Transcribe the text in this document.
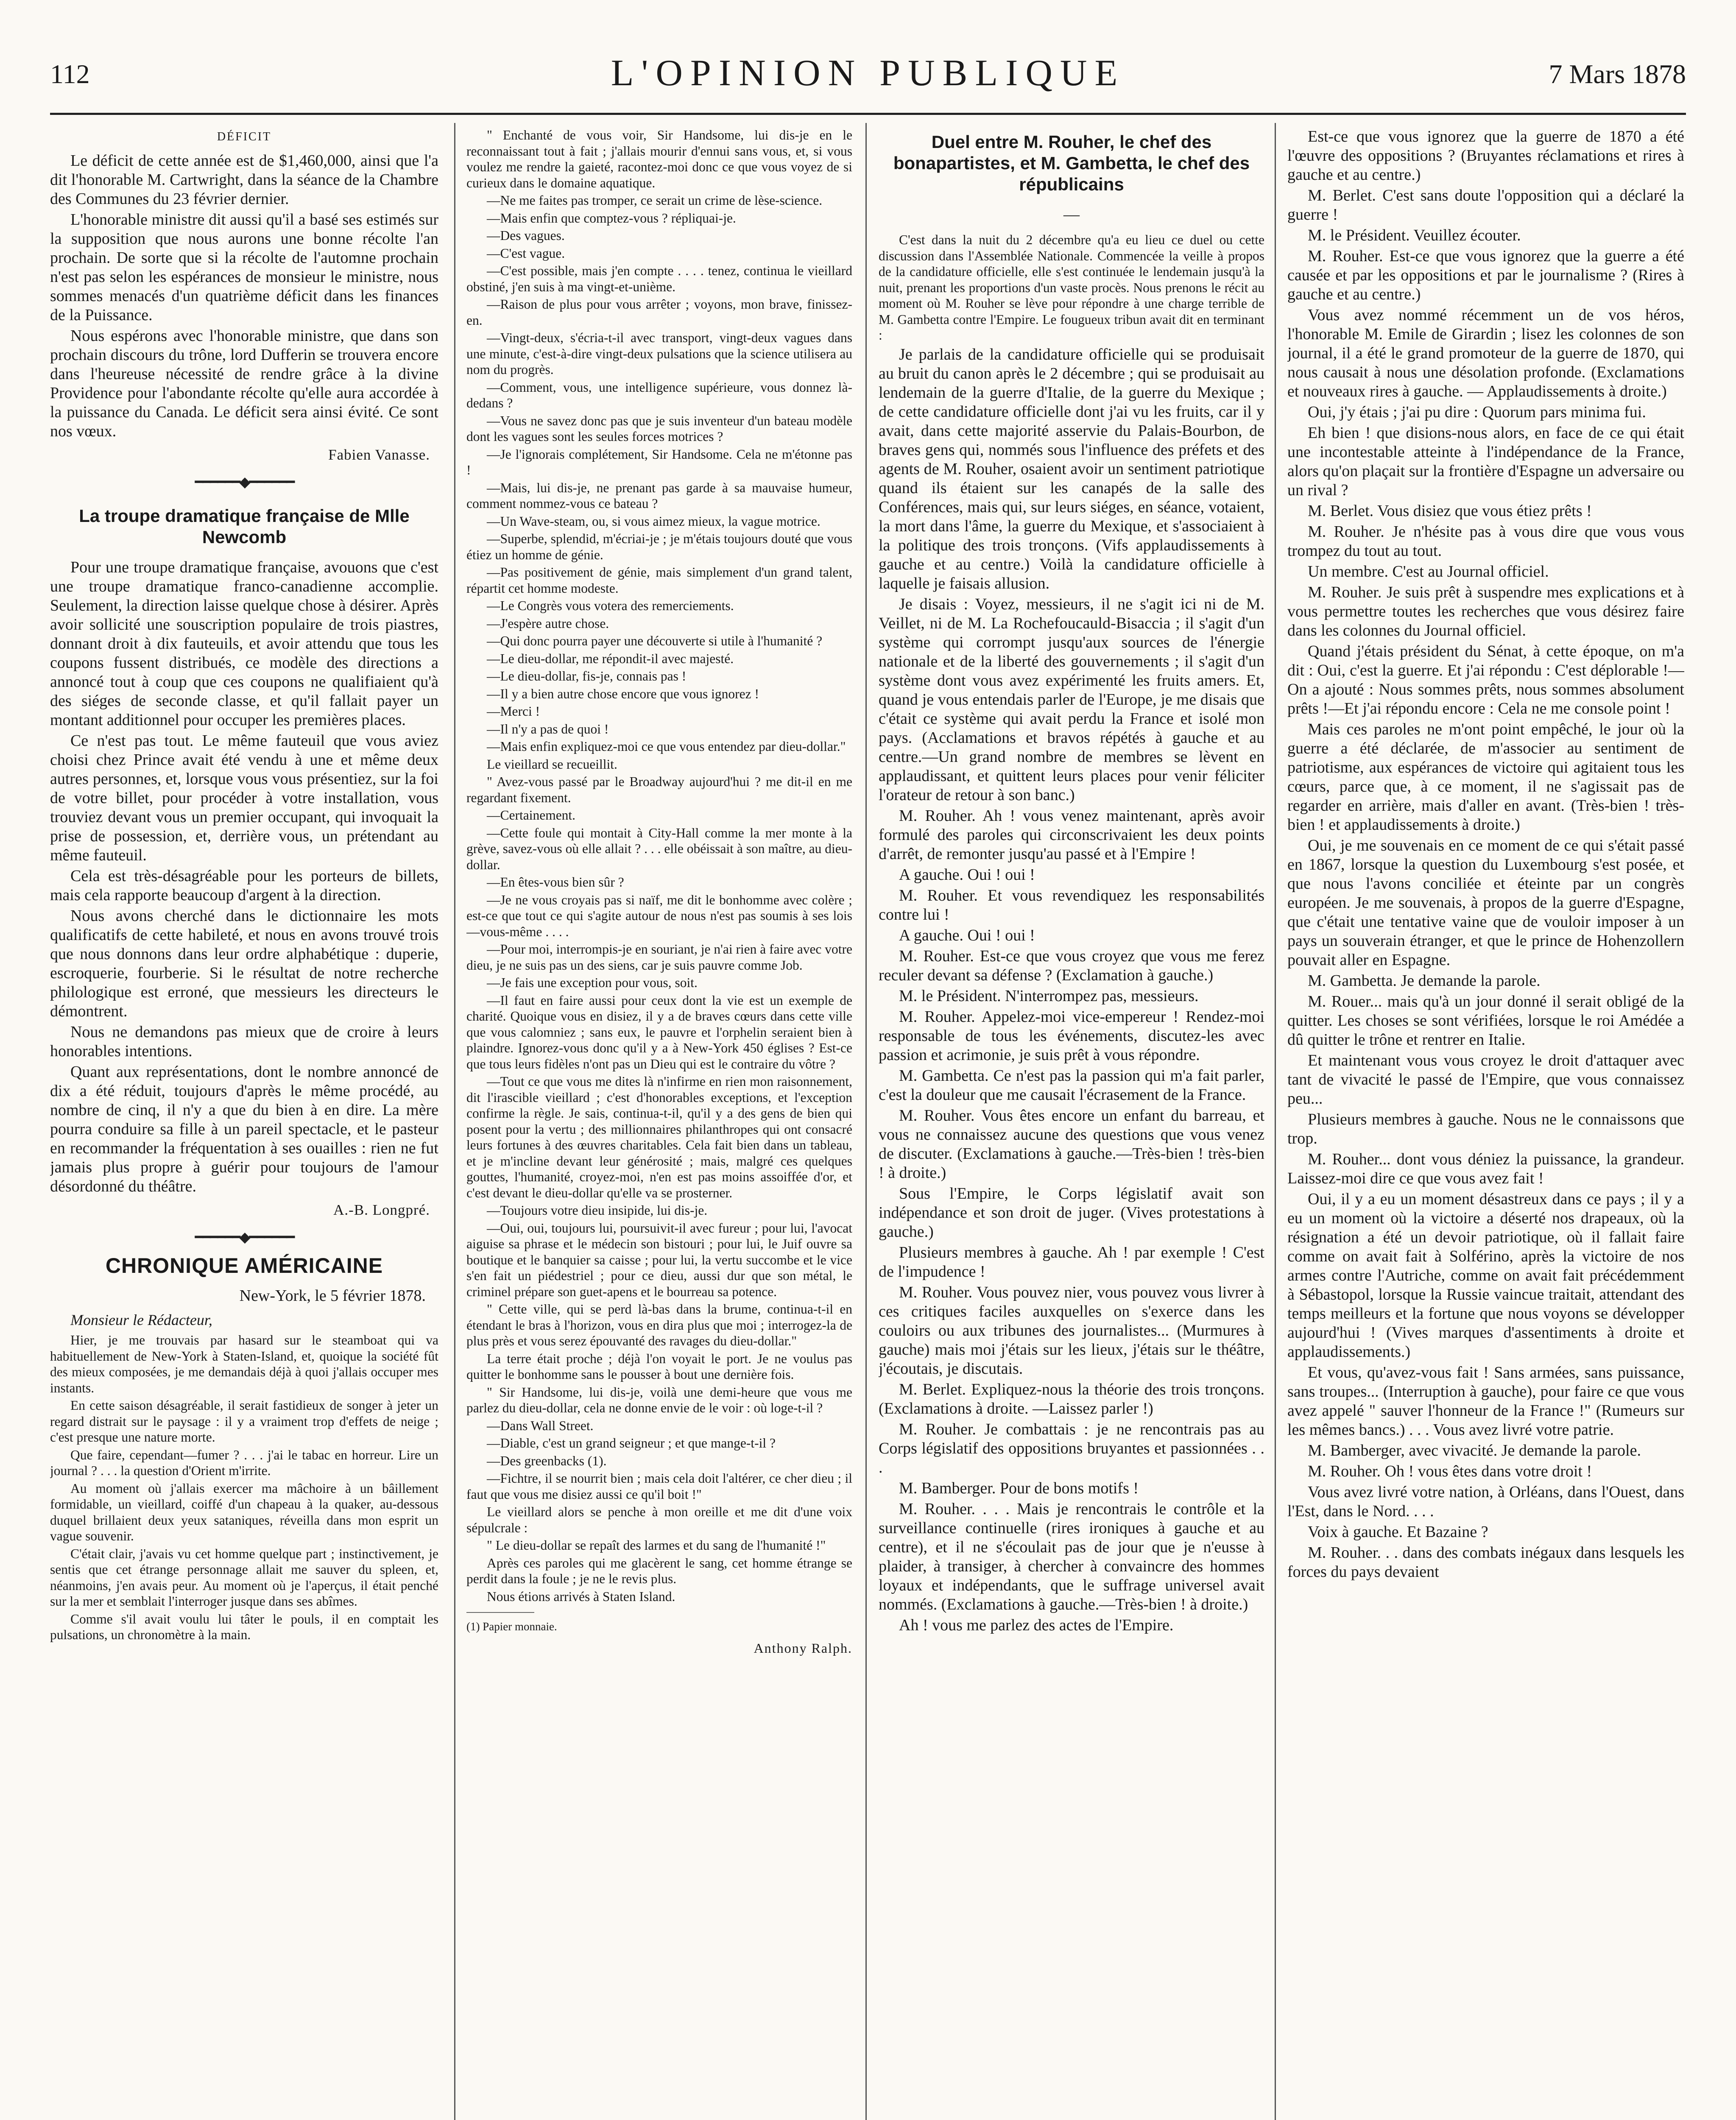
112	L'OPINION PUBLIQUE	7 Mars 1878
DÉFICIT

Le déficit de cette année est de $1,460,000, ainsi que l'a dit l'honorable M. Cartwright, dans la séance de la Chambre des Communes du 23 février dernier.

L'honorable ministre dit aussi qu'il a basé ses estimés sur la supposition que nous aurons une bonne récolte l'an prochain. De sorte que si la récolte de l'automne prochain n'est pas selon les espérances de monsieur le ministre, nous sommes menacés d'un quatrième déficit dans les finances de la Puissance.

Nous espérons avec l'honorable ministre, que dans son prochain discours du trône, lord Dufferin se trouvera encore dans l'heureuse nécessité de rendre grâce à la divine Providence pour l'abondante récolte qu'elle aura accordée à la puissance du Canada. Le déficit sera ainsi évité. Ce sont nos vœux.

Fabien Vanasse.
━━━━━━◆━━━━━━
La troupe dramatique française de Mlle Newcomb

Pour une troupe dramatique française, avouons que c'est une troupe dramatique franco-canadienne accomplie. Seulement, la direction laisse quelque chose à désirer. Après avoir sollicité une souscription populaire de trois piastres, donnant droit à dix fauteuils, et avoir attendu que tous les coupons fussent distribués, ce modèle des directions a annoncé tout à coup que ces coupons ne qualifiaient qu'à des siéges de seconde classe, et qu'il fallait payer un montant additionnel pour occuper les premières places.

Ce n'est pas tout. Le même fauteuil que vous aviez choisi chez Prince avait été vendu à une et même deux autres personnes, et, lorsque vous vous présentiez, sur la foi de votre billet, pour procéder à votre installation, vous trouviez devant vous un premier occupant, qui invoquait la prise de possession, et, derrière vous, un prétendant au même fauteuil.

Cela est très-désagréable pour les porteurs de billets, mais cela rapporte beaucoup d'argent à la direction.

Nous avons cherché dans le dictionnaire les mots qualificatifs de cette habileté, et nous en avons trouvé trois que nous donnons dans leur ordre alphabétique : duperie, escroquerie, fourberie. Si le résultat de notre recherche philologique est erroné, que messieurs les directeurs le démontrent.

Nous ne demandons pas mieux que de croire à leurs honorables intentions.

Quant aux représentations, dont le nombre annoncé de dix a été réduit, toujours d'après le même procédé, au nombre de cinq, il n'y a que du bien à en dire. La mère pourra conduire sa fille à un pareil spectacle, et le pasteur en recommander la fréquentation à ses ouailles : rien ne fut jamais plus propre à guérir pour toujours de l'amour désordonné du théâtre.

A.-B. Longpré.
━━━━━━◆━━━━━━
CHRONIQUE AMÉRICAINE
New-York, le 5 février 1878.
Monsieur le Rédacteur,

Hier, je me trouvais par hasard sur le steamboat qui va habituellement de New-York à Staten-Island, et, quoique la société fût des mieux composées, je me demandais déjà à quoi j'allais occuper mes instants.

En cette saison désagréable, il serait fastidieux de songer à jeter un regard distrait sur le paysage : il y a vraiment trop d'effets de neige ; c'est presque une nature morte.

Que faire, cependant—fumer ? . . . j'ai le tabac en horreur. Lire un journal ? . . . la question d'Orient m'irrite.

Au moment où j'allais exercer ma mâchoire à un bâillement formidable, un vieillard, coiffé d'un chapeau à la quaker, au-dessous duquel brillaient deux yeux sataniques, réveilla dans mon esprit un vague souvenir.

C'était clair, j'avais vu cet homme quelque part ; instinctivement, je sentis que cet étrange personnage allait me sauver du spleen, et, néanmoins, j'en avais peur. Au moment où je l'aperçus, il était penché sur la mer et semblait l'interroger jusque dans ses abîmes.

Comme s'il avait voulu lui tâter le pouls, il en comptait les pulsations, un chronomètre à la main.

" Enchanté de vous voir, Sir Handsome, lui dis-je en le reconnaissant tout à fait ; j'allais mourir d'ennui sans vous, et, si vous voulez me rendre la gaieté, racontez-moi donc ce que vous voyez de si curieux dans le domaine aquatique.

—Ne me faites pas tromper, ce serait un crime de lèse-science.

—Mais enfin que comptez-vous ? répliquai-je.

—Des vagues.

—C'est vague.

—C'est possible, mais j'en compte . . . . tenez, continua le vieillard obstiné, j'en suis à ma vingt-et-unième.

—Raison de plus pour vous arrêter ; voyons, mon brave, finissez-en.

—Vingt-deux, s'écria-t-il avec transport, vingt-deux vagues dans une minute, c'est-à-dire vingt-deux pulsations que la science utilisera au nom du progrès.

—Comment, vous, une intelligence supérieure, vous donnez là-dedans ?

—Vous ne savez donc pas que je suis inventeur d'un bateau modèle dont les vagues sont les seules forces motrices ?

—Je l'ignorais complétement, Sir Handsome. Cela ne m'étonne pas !

—Mais, lui dis-je, ne prenant pas garde à sa mauvaise humeur, comment nommez-vous ce bateau ?

—Un Wave-steam, ou, si vous aimez mieux, la vague motrice.

—Superbe, splendid, m'écriai-je ; je m'étais toujours douté que vous étiez un homme de génie.

—Pas positivement de génie, mais simplement d'un grand talent, répartit cet homme modeste.

—Le Congrès vous votera des remerciements.

—J'espère autre chose.

—Qui donc pourra payer une découverte si utile à l'humanité ?

—Le dieu-dollar, me répondit-il avec majesté.

—Le dieu-dollar, fis-je, connais pas !

—Il y a bien autre chose encore que vous ignorez !

—Merci !

—Il n'y a pas de quoi !

—Mais enfin expliquez-moi ce que vous entendez par dieu-dollar."

Le vieillard se recueillit.

" Avez-vous passé par le Broadway aujourd'hui ? me dit-il en me regardant fixement.

—Certainement.

—Cette foule qui montait à City-Hall comme la mer monte à la grève, savez-vous où elle allait ? . . . elle obéissait à son maître, au dieu-dollar.

—En êtes-vous bien sûr ?

—Je ne vous croyais pas si naïf, me dit le bonhomme avec colère ; est-ce que tout ce qui s'agite autour de nous n'est pas soumis à ses lois—vous-même . . . .

—Pour moi, interrompis-je en souriant, je n'ai rien à faire avec votre dieu, je ne suis pas un des siens, car je suis pauvre comme Job.

—Je fais une exception pour vous, soit.

—Il faut en faire aussi pour ceux dont la vie est un exemple de charité. Quoique vous en disiez, il y a de braves cœurs dans cette ville que vous calomniez ; sans eux, le pauvre et l'orphelin seraient bien à plaindre. Ignorez-vous donc qu'il y a à New-York 450 églises ? Est-ce que tous leurs fidèles n'ont pas un Dieu qui est le contraire du vôtre ?

—Tout ce que vous me dites là n'infirme en rien mon raisonnement, dit l'irascible vieillard ; c'est d'honorables exceptions, et l'exception confirme la règle. Je sais, continua-t-il, qu'il y a des gens de bien qui posent pour la vertu ; des millionnaires philanthropes qui ont consacré leurs fortunes à des œuvres charitables. Cela fait bien dans un tableau, et je m'incline devant leur générosité ; mais, malgré ces quelques gouttes, l'humanité, croyez-moi, n'en est pas moins assoiffée d'or, et c'est devant le dieu-dollar qu'elle va se prosterner.

—Toujours votre dieu insipide, lui dis-je.

—Oui, oui, toujours lui, poursuivit-il avec fureur ; pour lui, l'avocat aiguise sa phrase et le médecin son bistouri ; pour lui, le Juif ouvre sa boutique et le banquier sa caisse ; pour lui, la vertu succombe et le vice s'en fait un piédestriel ; pour ce dieu, aussi dur que son métal, le criminel prépare son guet-apens et le bourreau sa potence.

" Cette ville, qui se perd là-bas dans la brume, continua-t-il en étendant le bras à l'horizon, vous en dira plus que moi ; interrogez-la de plus près et vous serez épouvanté des ravages du dieu-dollar."

La terre était proche ; déjà l'on voyait le port. Je ne voulus pas quitter le bonhomme sans le pousser à bout une dernière fois.

" Sir Handsome, lui dis-je, voilà une demi-heure que vous me parlez du dieu-dollar, cela ne donne envie de le voir : où loge-t-il ?

—Dans Wall Street.

—Diable, c'est un grand seigneur ; et que mange-t-il ?

—Des greenbacks (1).

—Fichtre, il se nourrit bien ; mais cela doit l'altérer, ce cher dieu ; il faut que vous me disiez aussi ce qu'il boit !"

Le vieillard alors se penche à mon oreille et me dit d'une voix sépulcrale :

" Le dieu-dollar se repaît des larmes et du sang de l'humanité !"

Après ces paroles qui me glacèrent le sang, cet homme étrange se perdit dans la foule ; je ne le revis plus.

Nous étions arrivés à Staten Island.

(1) Papier monnaie.
Anthony Ralph.
Duel entre M. Rouher, le chef des bonapartistes, et M. Gambetta, le chef des républicains
—

C'est dans la nuit du 2 décembre qu'a eu lieu ce duel ou cette discussion dans l'Assemblée Nationale. Commencée la veille à propos de la candidature officielle, elle s'est continuée le lendemain jusqu'à la nuit, prenant les proportions d'un vaste procès. Nous prenons le récit au moment où M. Rouher se lève pour répondre à une charge terrible de M. Gambetta contre l'Empire. Le fougueux tribun avait dit en terminant :

Je parlais de la candidature officielle qui se produisait au bruit du canon après le 2 décembre ; qui se produisait au lendemain de la guerre d'Italie, de la guerre du Mexique ; de cette candidature officielle dont j'ai vu les fruits, car il y avait, dans cette majorité asservie du Palais-Bourbon, de braves gens qui, nommés sous l'influence des préfets et des agents de M. Rouher, osaient avoir un sentiment patriotique quand ils étaient sur les canapés de la salle des Conférences, mais qui, sur leurs siéges, en séance, votaient, la mort dans l'âme, la guerre du Mexique, et s'associaient à la politique des trois tronçons. (Vifs applaudissements à gauche et au centre.) Voilà la candidature officielle à laquelle je faisais allusion.

Je disais : Voyez, messieurs, il ne s'agit ici ni de M. Veillet, ni de M. La Rochefoucauld-Bisaccia ; il s'agit d'un système qui corrompt jusqu'aux sources de l'énergie nationale et de la liberté des gouvernements ; il s'agit d'un système dont vous avez expérimenté les fruits amers. Et, quand je vous entendais parler de l'Europe, je me disais que c'était ce système qui avait perdu la France et isolé mon pays. (Acclamations et bravos répétés à gauche et au centre.—Un grand nombre de membres se lèvent en applaudissant, et quittent leurs places pour venir féliciter l'orateur de retour à son banc.)

M. Rouher. Ah ! vous venez maintenant, après avoir formulé des paroles qui circonscrivaient les deux points d'arrêt, de remonter jusqu'au passé et à l'Empire !

A gauche. Oui ! oui !

M. Rouher. Et vous revendiquez les responsabilités contre lui !

A gauche. Oui ! oui !

M. Rouher. Est-ce que vous croyez que vous me ferez reculer devant sa défense ? (Exclamation à gauche.)

M. le Président. N'interrompez pas, messieurs.

M. Rouher. Appelez-moi vice-empereur ! Rendez-moi responsable de tous les événements, discutez-les avec passion et acrimonie, je suis prêt à vous répondre.

M. Gambetta. Ce n'est pas la passion qui m'a fait parler, c'est la douleur que me causait l'écrasement de la France.

M. Rouher. Vous êtes encore un enfant du barreau, et vous ne connaissez aucune des questions que vous venez de discuter. (Exclamations à gauche.—Très-bien ! très-bien ! à droite.)

Sous l'Empire, le Corps législatif avait son indépendance et son droit de juger. (Vives protestations à gauche.)

Plusieurs membres à gauche. Ah ! par exemple ! C'est de l'impudence !

M. Rouher. Vous pouvez nier, vous pouvez vous livrer à ces critiques faciles auxquelles on s'exerce dans les couloirs ou aux tribunes des journalistes... (Murmures à gauche) mais moi j'étais sur les lieux, j'étais sur le théâtre, j'écoutais, je discutais.

M. Berlet. Expliquez-nous la théorie des trois tronçons. (Exclamations à droite. —Laissez parler !)

M. Rouher. Je combattais : je ne rencontrais pas au Corps législatif des oppositions bruyantes et passionnées . . .

M. Bamberger. Pour de bons motifs !

M. Rouher. . . . Mais je rencontrais le contrôle et la surveillance continuelle (rires ironiques à gauche et au centre), et il ne s'écoulait pas de jour que je n'eusse à plaider, à transiger, à chercher à convaincre des hommes loyaux et indépendants, que le suffrage universel avait nommés. (Exclamations à gauche.—Très-bien ! à droite.)

Ah ! vous me parlez des actes de l'Empire.

Est-ce que vous ignorez que la guerre de 1870 a été l'œuvre des oppositions ? (Bruyantes réclamations et rires à gauche et au centre.)

M. Berlet. C'est sans doute l'opposition qui a déclaré la guerre !

M. le Président. Veuillez écouter.

M. Rouher. Est-ce que vous ignorez que la guerre a été causée et par les oppositions et par le journalisme ? (Rires à gauche et au centre.)

Vous avez nommé récemment un de vos héros, l'honorable M. Emile de Girardin ; lisez les colonnes de son journal, il a été le grand promoteur de la guerre de 1870, qui nous causait à nous une désolation profonde. (Exclamations et nouveaux rires à gauche. — Applaudissements à droite.)

Oui, j'y étais ; j'ai pu dire : Quorum pars minima fui.

Eh bien ! que disions-nous alors, en face de ce qui était une incontestable atteinte à l'indépendance de la France, alors qu'on plaçait sur la frontière d'Espagne un adversaire ou un rival ?

M. Berlet. Vous disiez que vous étiez prêts !

M. Rouher. Je n'hésite pas à vous dire que vous vous trompez du tout au tout.

Un membre. C'est au Journal officiel.

M. Rouher. Je suis prêt à suspendre mes explications et à vous permettre toutes les recherches que vous désirez faire dans les colonnes du Journal officiel.

Quand j'étais président du Sénat, à cette époque, on m'a dit : Oui, c'est la guerre. Et j'ai répondu : C'est déplorable !—On a ajouté : Nous sommes prêts, nous sommes absolument prêts !—Et j'ai répondu encore : Cela ne me console point !

Mais ces paroles ne m'ont point empêché, le jour où la guerre a été déclarée, de m'associer au sentiment de patriotisme, aux espérances de victoire qui agitaient tous les cœurs, parce que, à ce moment, il ne s'agissait pas de regarder en arrière, mais d'aller en avant. (Très-bien ! très-bien ! et applaudissements à droite.)

Oui, je me souvenais en ce moment de ce qui s'était passé en 1867, lorsque la question du Luxembourg s'est posée, et que nous l'avons conciliée et éteinte par un congrès européen. Je me souvenais, à propos de la guerre d'Espagne, que c'était une tentative vaine que de vouloir imposer à un pays un souverain étranger, et que le prince de Hohenzollern pouvait aller en Espagne.

M. Gambetta. Je demande la parole.

M. Rouer... mais qu'à un jour donné il serait obligé de la quitter. Les choses se sont vérifiées, lorsque le roi Amédée a dû quitter le trône et rentrer en Italie.

Et maintenant vous vous croyez le droit d'attaquer avec tant de vivacité le passé de l'Empire, que vous connaissez peu...

Plusieurs membres à gauche. Nous ne le connaissons que trop.

M. Rouher... dont vous déniez la puissance, la grandeur. Laissez-moi dire ce que vous avez fait !

Oui, il y a eu un moment désastreux dans ce pays ; il y a eu un moment où la victoire a déserté nos drapeaux, où la résignation a été un devoir patriotique, où il fallait faire comme on avait fait à Solférino, après la victoire de nos armes contre l'Autriche, comme on avait fait précédemment à Sébastopol, lorsque la Russie vaincue traitait, attendant des temps meilleurs et la fortune que nous voyons se développer aujourd'hui ! (Vives marques d'assentiments à droite et applaudissements.)

Et vous, qu'avez-vous fait ! Sans armées, sans puissance, sans troupes... (Interruption à gauche), pour faire ce que vous avez appelé " sauver l'honneur de la France !" (Rumeurs sur les mêmes bancs.) . . . Vous avez livré votre patrie.

M. Bamberger, avec vivacité. Je demande la parole.

M. Rouher. Oh ! vous êtes dans votre droit !

Vous avez livré votre nation, à Orléans, dans l'Ouest, dans l'Est, dans le Nord. . . .

Voix à gauche. Et Bazaine ?

M. Rouher. . . dans des combats inégaux dans lesquels les forces du pays devaient
